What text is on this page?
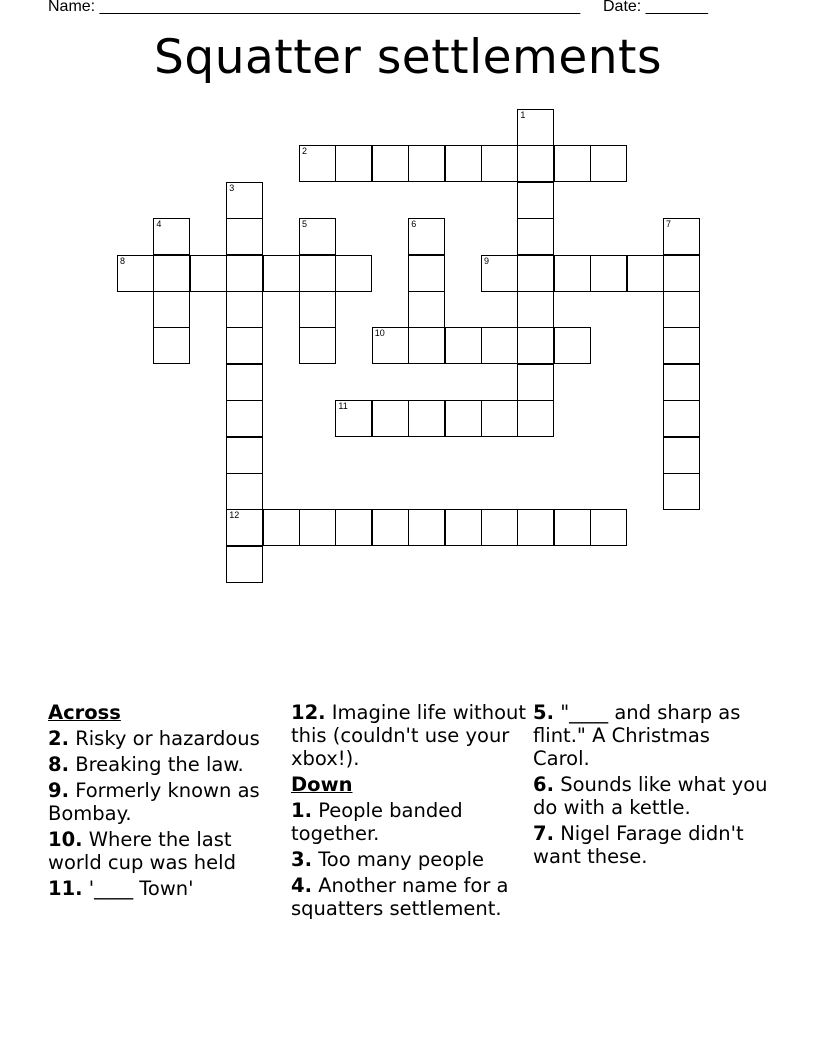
Name: ______________________________________________________ Date: _______
Squatter settlements
1
2
3
12
4	5	6	7
8	9
10
11
Across
2. Risky or hazardous
8. Breaking the law.
9. Formerly known as Bombay.
10. Where the last world cup was held
11. '____ Town'
12. Imagine life without this (couldn't use your xbox!).
Down
1. People banded together.
3. Too many people
4. Another name for a squatters settlement.
5. "____ and sharp as flint." A Christmas Carol.
6. Sounds like what you do with a kettle.
7. Nigel Farage didn't want these.
